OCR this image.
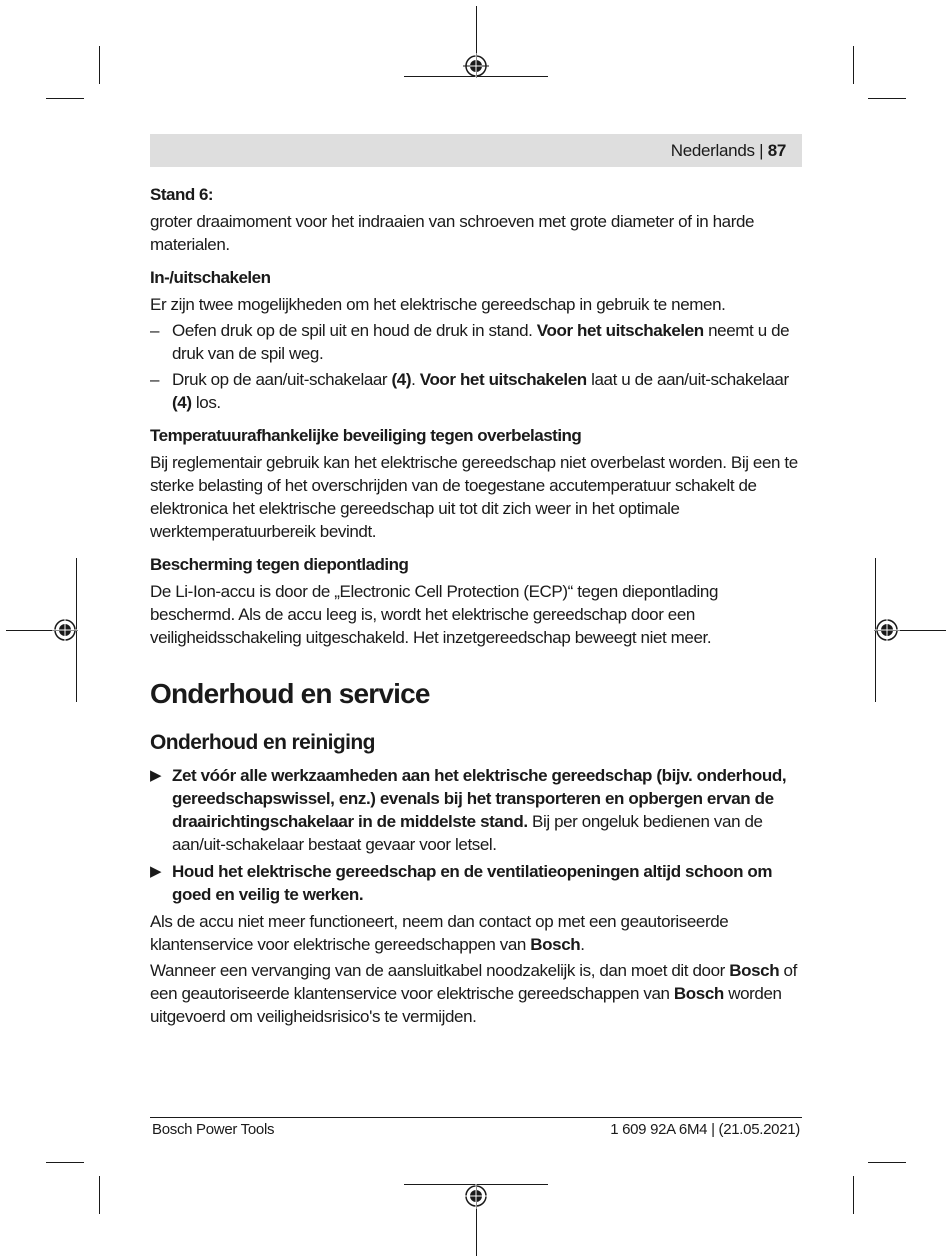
Nederlands | 87

Stand 6:

groter draaimoment voor het indraaien van schroeven met grote diameter of in harde materialen.

In-/uitschakelen

Er zijn twee mogelijkheden om het elektrische gereedschap in gebruik te nemen.

– Oefen druk op de spil uit en houd de druk in stand. Voor het uitschakelen neemt u de druk van de spil weg.
– Druk op de aan/uit-schakelaar (4). Voor het uitschakelen laat u de aan/uit-schakelaar (4) los.

Temperatuurafhankelijke beveiliging tegen overbelasting

Bij reglementair gebruik kan het elektrische gereedschap niet overbelast worden. Bij een te sterke belasting of het overschrijden van de toegestane accutemperatuur schakelt de elektronica het elektrische gereedschap uit tot dit zich weer in het optimale werktemperatuurbereik bevindt.

Bescherming tegen diepontlading

De Li-Ion-accu is door de „Electronic Cell Protection (ECP)“ tegen diepontlading beschermd. Als de accu leeg is, wordt het elektrische gereedschap door een veiligheidsschakeling uitgeschakeld. Het inzetgereedschap beweegt niet meer.

Onderhoud en service

Onderhoud en reiniging

▶ Zet vóór alle werkzaamheden aan het elektrische gereedschap (bijv. onderhoud, gereedschapswissel, enz.) evenals bij het transporteren en opbergen ervan de draairichtingschakelaar in de middelste stand. Bij per ongeluk bedienen van de aan/uit-schakelaar bestaat gevaar voor letsel.
▶ Houd het elektrische gereedschap en de ventilatieopeningen altijd schoon om goed en veilig te werken.

Als de accu niet meer functioneert, neem dan contact op met een geautoriseerde klantenservice voor elektrische gereedschappen van Bosch.

Wanneer een vervanging van de aansluitkabel noodzakelijk is, dan moet dit door Bosch of een geautoriseerde klantenservice voor elektrische gereedschappen van Bosch worden uitgevoerd om veiligheidsrisico's te vermijden.

Bosch Power Tools	1 609 92A 6M4 | (21.05.2021)
